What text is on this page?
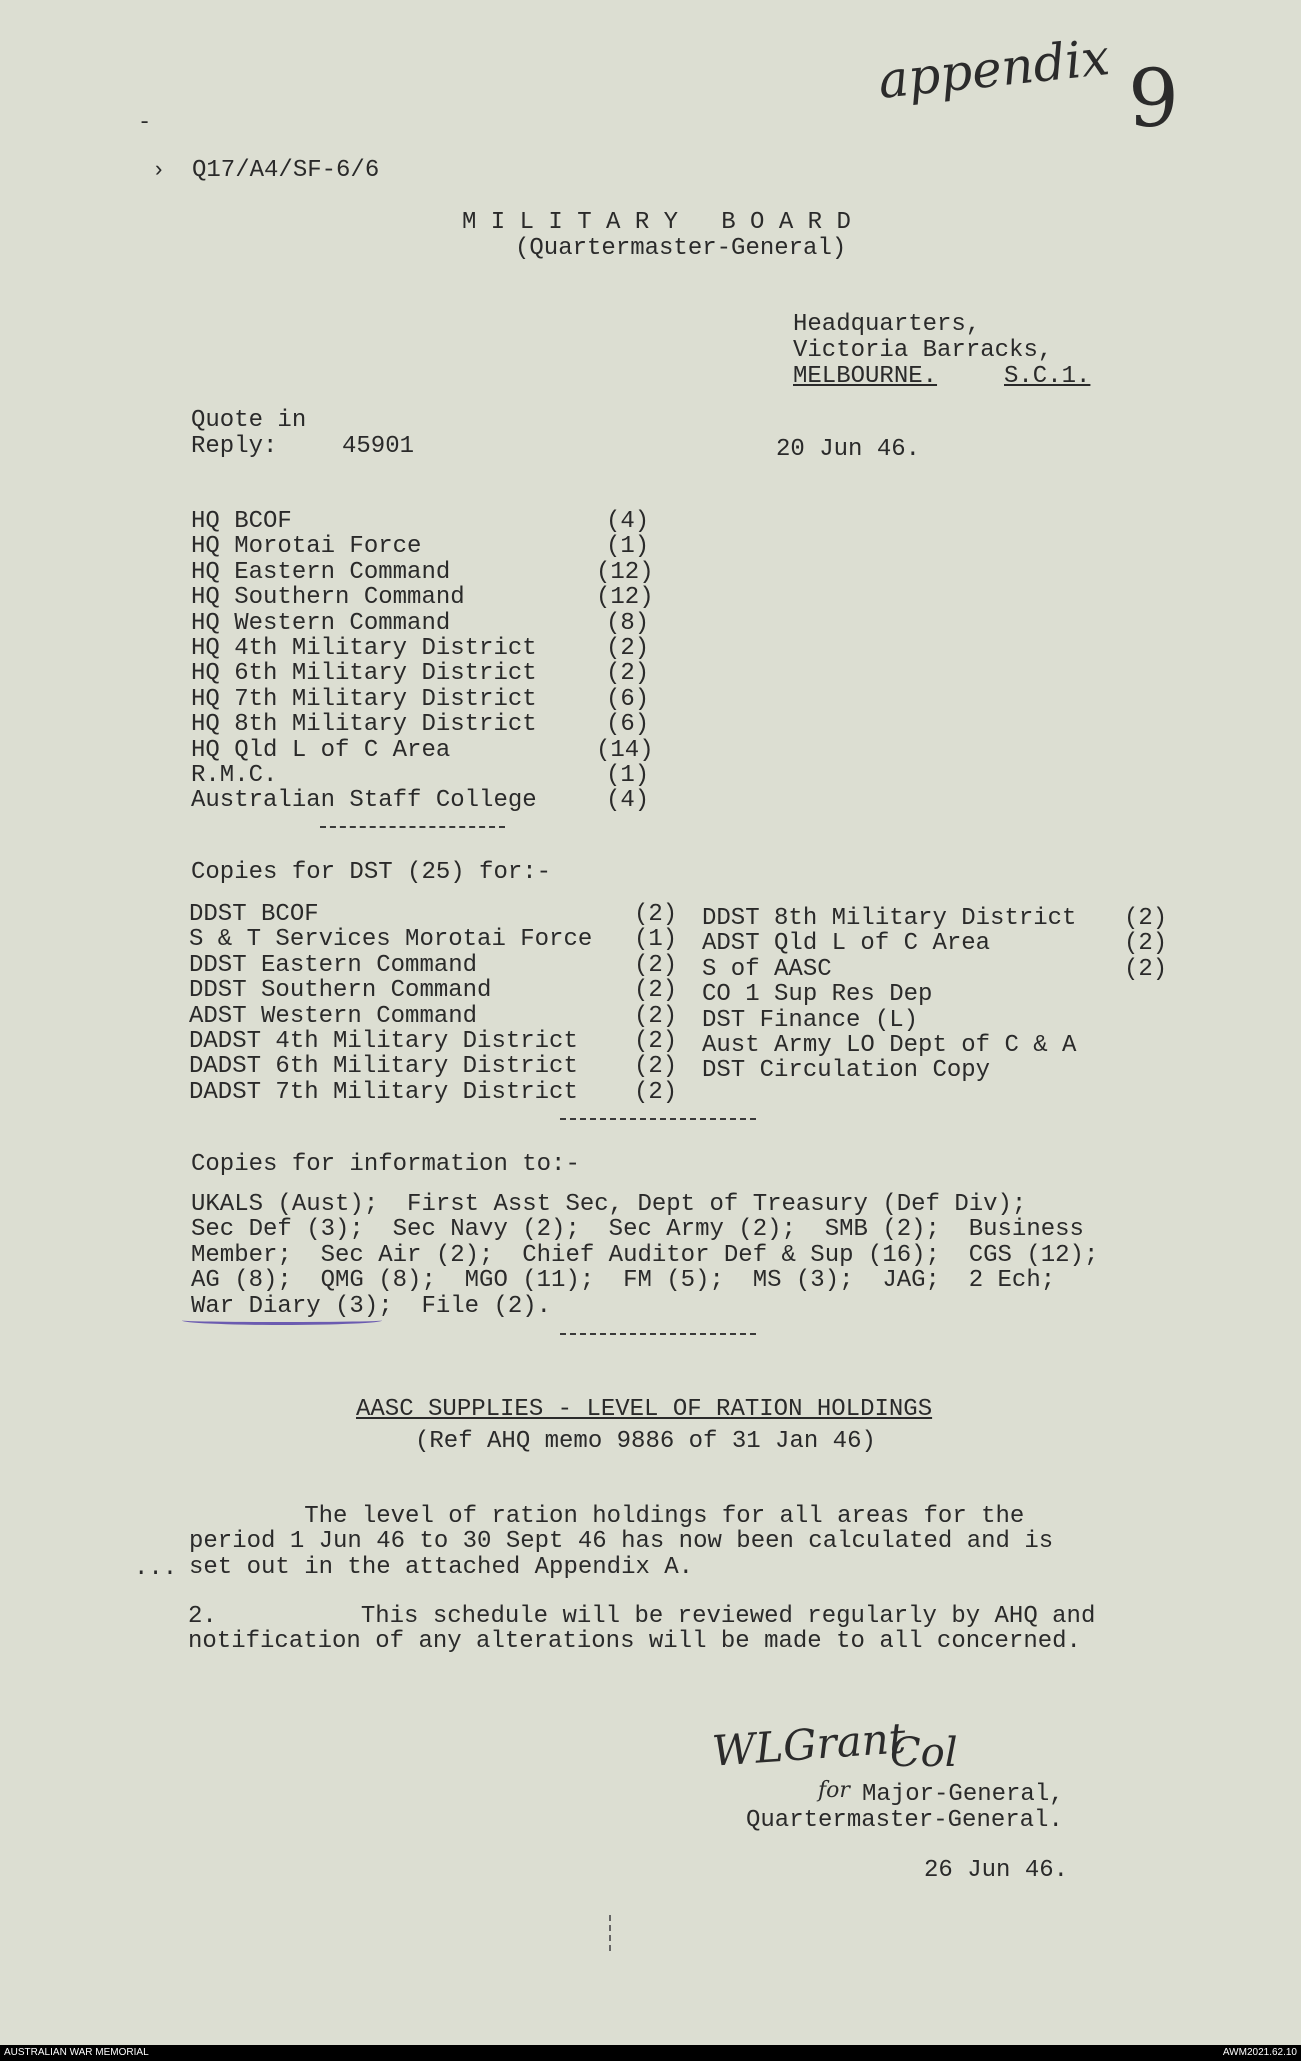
appendix 9
‐
› Q17/A4/SF-6/6
M I L I T A R Y   B O A R D
(Quartermaster-General)
Headquarters,
Victoria Barracks,
MELBOURNE.	S.C.1.
Quote in
Reply:	45901	20 Jun 46.
HQ BCOF	(4)
HQ Morotai Force	(1)
HQ Eastern Command	(12)
HQ Southern Command	(12)
HQ Western Command	(8)
HQ 4th Military District	(2)
HQ 6th Military District	(2)
HQ 7th Military District	(6)
HQ 8th Military District	(6)
HQ Qld L of C Area	(14)
R.M.C.	(1)
Australian Staff College	(4)
Copies for DST (25) for:-
DDST BCOF	(2)
S & T Services Morotai Force (1)
DDST Eastern Command	(2)
DDST Southern Command	(2)
ADST Western Command	(2)
DADST 4th Military District (2)
DADST 6th Military District (2)
DADST 7th Military District (2)
DDST 8th Military District (2)
ADST Qld L of C Area	(2)
S of AASC	(2)
CO 1 Sup Res Dep
DST Finance (L)
Aust Army LO Dept of C & A
DST Circulation Copy
Copies for information to:-
UKALS (Aust);  First Asst Sec, Dept of Treasury (Def Div);
Sec Def (3);  Sec Navy (2);  Sec Army (2);  SMB (2);  Business
Member;  Sec Air (2);  Chief Auditor Def & Sup (16);  CGS (12);
AG (8);  QMG (8);  MGO (11);  FM (5);  MS (3);  JAG;  2 Ech;
War Diary (3);  File (2).
AASC SUPPLIES - LEVEL OF RATION HOLDINGS
(Ref AHQ memo 9886 of 31 Jan 46)
The level of ration holdings for all areas for the
period 1 Jun 46 to 30 Sept 46 has now been calculated and is
set out in the attached Appendix A.
...
2.          This schedule will be reviewed regularly by AHQ and
notification of any alterations will be made to all concerned.
WLGrant
Col
for Major-General,
Quartermaster-General.
26 Jun 46.
AUSTRALIAN WAR MEMORIAL	AWM2021.62.10
